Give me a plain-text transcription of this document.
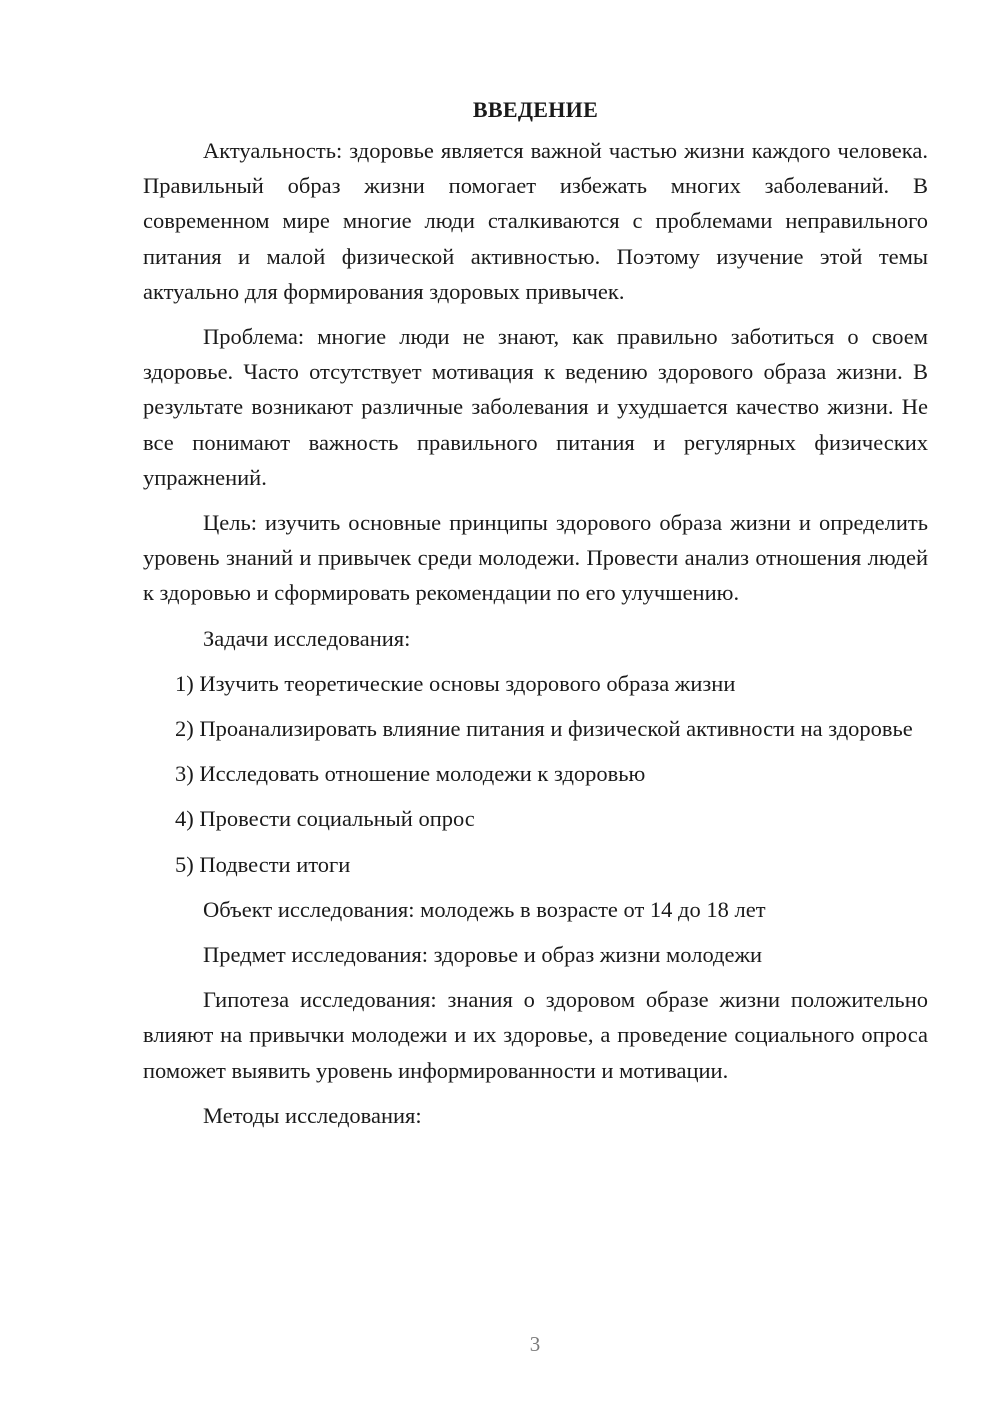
ВВЕДЕНИЕ

Актуальность: здоровье является важной частью жизни каждого человека. Правильный образ жизни помогает избежать многих заболеваний. В современном мире многие люди сталкиваются с проблемами неправильного питания и малой физической активностью. Поэтому изучение этой темы актуально для формирования здоровых привычек.

Проблема: многие люди не знают, как правильно заботиться о своем здоровье. Часто отсутствует мотивация к ведению здорового образа жизни. В результате возникают различные заболевания и ухудшается качество жизни. Не все понимают важность правильного питания и регулярных физических упражнений.

Цель: изучить основные принципы здорового образа жизни и определить уровень знаний и привычек среди молодежи. Провести анализ отношения людей к здоровью и сформировать рекомендации по его улучшению.

Задачи исследования:

1) Изучить теоретические основы здорового образа жизни

2) Проанализировать влияние питания и физической активности на здоровье

3) Исследовать отношение молодежи к здоровью

4) Провести социальный опрос

5) Подвести итоги

Объект исследования: молодежь в возрасте от 14 до 18 лет

Предмет исследования: здоровье и образ жизни молодежи

Гипотеза исследования: знания о здоровом образе жизни положительно влияют на привычки молодежи и их здоровье, а проведение социального опроса поможет выявить уровень информированности и мотивации.

Методы исследования:

3
